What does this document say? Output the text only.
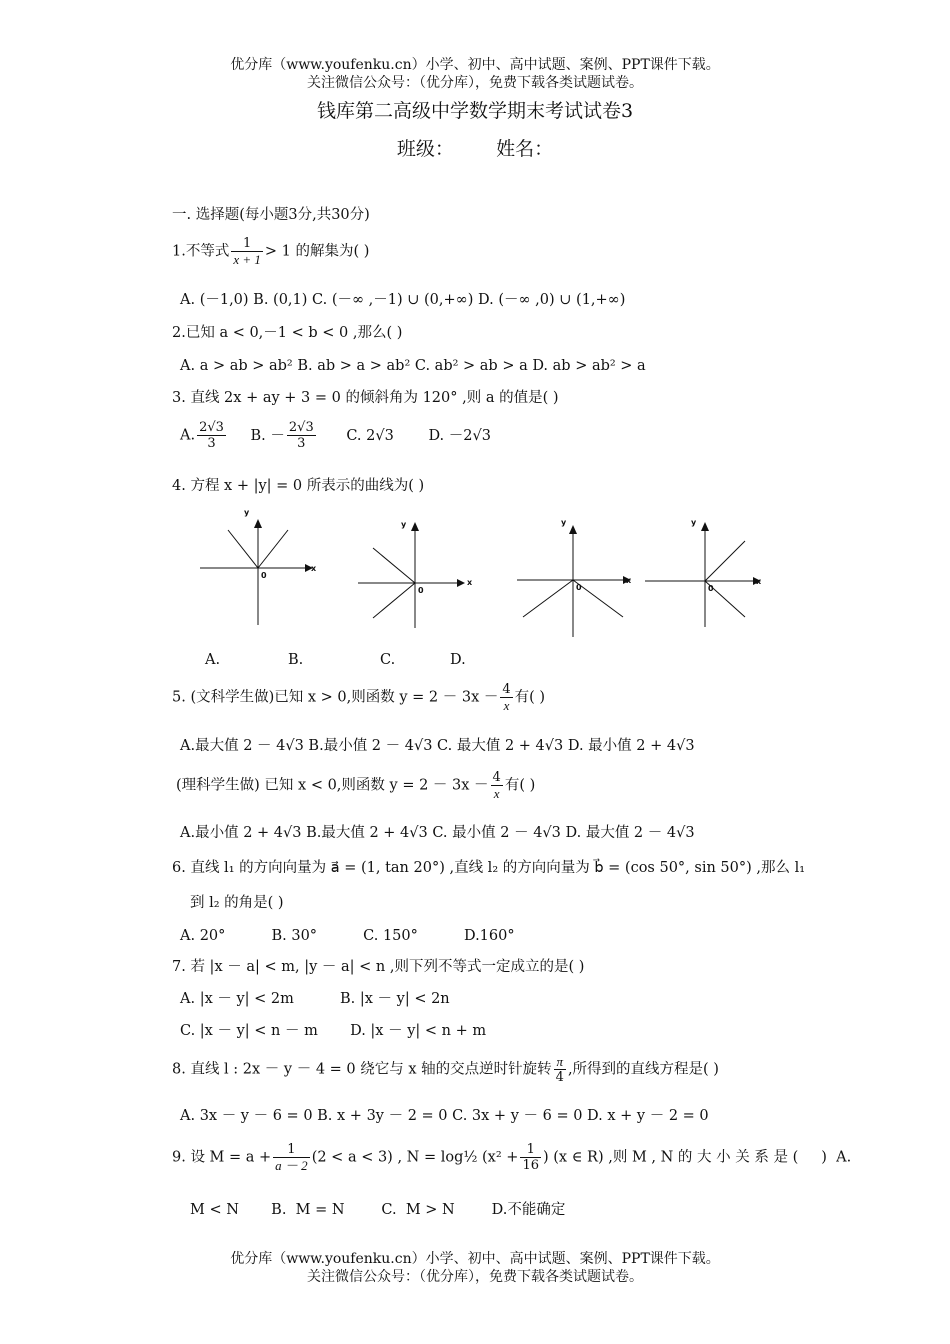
优分库（www.youfenku.cn）小学、初中、高中试题、案例、PPT课件下载。
关注微信公众号：（优分库），免费下载各类试题试卷。
钱库第二高级中学数学期末考试试卷3
班级：       姓名：
一. 选择题(每小题3分,共30分)
1.不等式 $\frac{1}{x + 1} > 1$ 的解集为( )
A. (－1,0) B. (0,1) C. (－∞ ,－1) ∪ (0,+∞) D. (－∞ ,0) ∪ (1,+∞)
2.已知 a < 0,－1 < b < 0 ,那么( )
A. a > ab > ab² B. ab > a > ab² C. ab² > ab > a D. ab > ab² > a
3. 直线 2x + ay + 3 = 0 的倾斜角为 120° ,则 a 的值是( )
A. $\frac{2√3}{3} B$. － $\frac{2√3}{3} C$. 2√3 D. －2√3
4. 方程 x + |y| = 0 所表示的曲线为( )
y
x
0
y
x
0
y
x
0
y
x
0
A.	B.	C.	D.
5. (文科学生做)已知 x > 0,则函数 $y = 2 - 3x - \frac{4}{x}$ 有( )
A.最大值 2 － 4√3 B.最小值 2 － 4√3 C. 最大值 2 + 4√3 D. 最小值 2 + 4√3
(理科学生做) 已知 x < 0,则函数 $y = 2 - 3x - \frac{4}{x}$ 有( )
A.最小值 2 + 4√3 B.最大值 2 + 4√3 C. 最小值 2 － 4√3 D. 最大值 2 － 4√3
6. 直线 l₁ 的方向向量为 a⃗ = (1, tan 20°) ,直线 l₂ 的方向向量为 b⃗ = (cos 50°, sin 50°) ,那么 l₁
到 l₂ 的角是( )
A. 20°          B. 30°          C. 150°          D.160°
7. 若 |x － a| < m, |y － a| < n ,则下列不等式一定成立的是( )
A. |x － y| < 2m          B. |x － y| < 2n
C. |x － y| < n － m       D. |x － y| < n + m
8. 直线 l : 2x － y － 4 = 0 绕它与 x 轴的交点逆时针旋转 $\frac{\pi}{4}$ ,所得到的直线方程是( )
A. 3x － y － 6 = 0 B. x + 3y － 2 = 0 C. 3x + y － 6 = 0 D. x + y － 2 = 0
9. 设 $M = a + \frac{1}{a - 2} (2 < a < 3)$ , N = log½ ($x^2 + \frac{1}{16}$ ) (x ∈ R) ,则 M , N 的 大 小 关 系 是 (     )  A.
M < N       B.  M = N        C.  M > N        D.不能确定
优分库（www.youfenku.cn）小学、初中、高中试题、案例、PPT课件下载。
关注微信公众号：（优分库），免费下载各类试题试卷。
